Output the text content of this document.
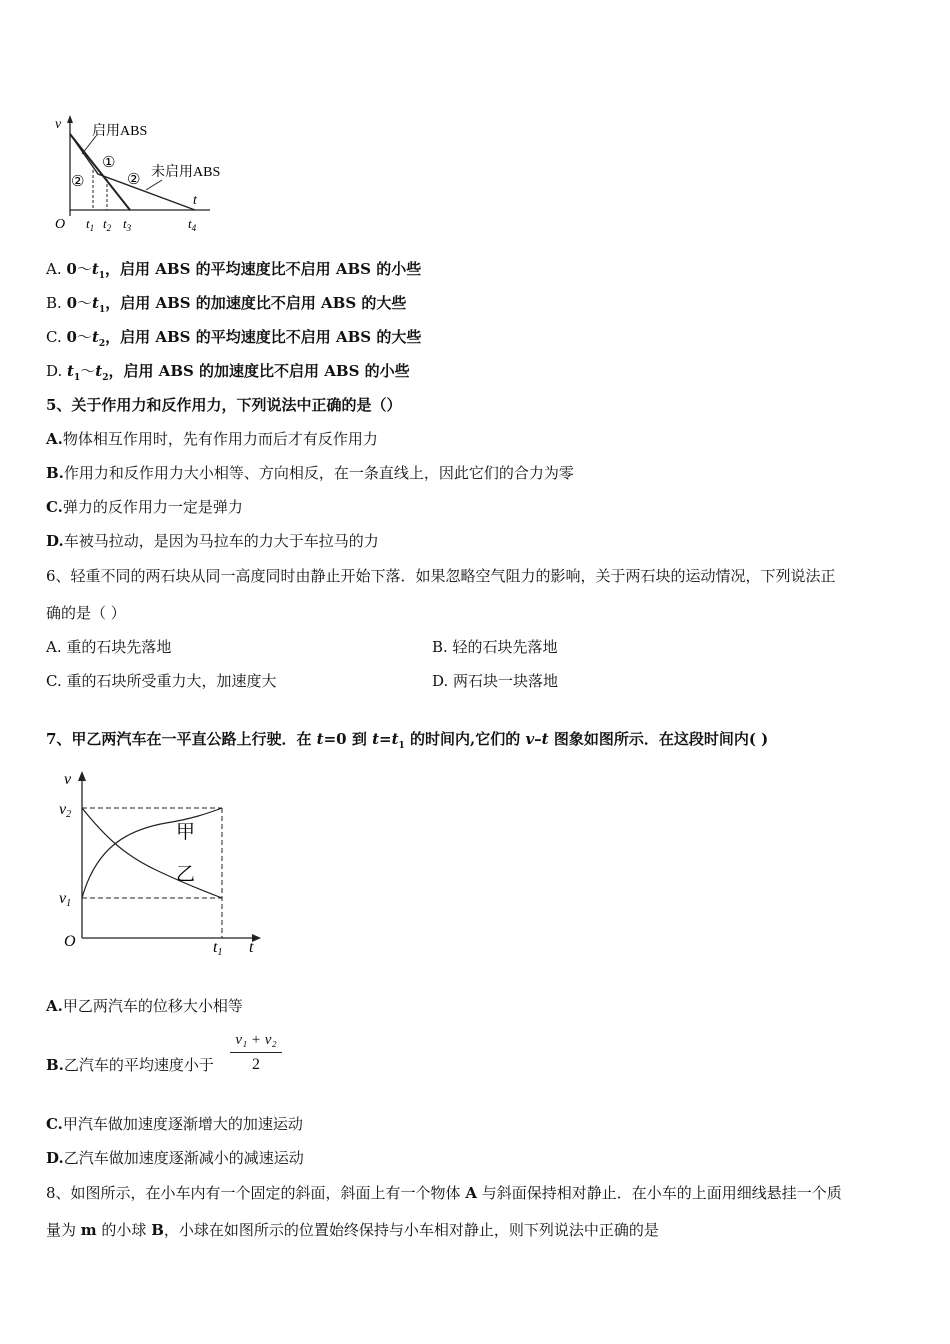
v 启用ABS
①
②	② 未启用ABS
t
O $t_1$ $t_2$ $t_3$	$t_4$
A. $0\sim t_1$，启用 ABS 的平均速度比不启用 ABS 的小些
B. $0\sim t_1$，启用 ABS 的加速度比不启用 ABS 的大些
C. $0\sim t_2$，启用 ABS 的平均速度比不启用 ABS 的大些
D. $t_1\sim t_2$，启用 ABS 的加速度比不启用 ABS 的小些
5、关于作用力和反作用力，下列说法中正确的是（）
A.物体相互作用时，先有作用力而后才有反作用力
B.作用力和反作用力大小相等、方向相反，在一条直线上，因此它们的合力为零
C.弹力的反作用力一定是弹力
D.车被马拉动，是因为马拉车的力大于车拉马的力
6、轻重不同的两石块从同一高度同时由静止开始下落．如果忽略空气阻力的影响，关于两石块的运动情况，下列说法正
确的是（ ）
A. 重的石块先落地	B. 轻的石块先落地
C. 重的石块所受重力大，加速度大	D. 两石块一块落地
7、甲乙两汽车在一平直公路上行驶．在 t=0 到 $t=t_1$ 的时间内,它们的 v–t 图象如图所示．在这段时间内( )
v
v2
v1
O	t1 t
甲
乙
A.甲乙两汽车的位移大小相等
B.乙汽车的平均速度小于
v₁ + v₂
2
C.甲汽车做加速度逐渐增大的加速运动
D.乙汽车做加速度逐渐减小的减速运动
8、如图所示，在小车内有一个固定的斜面，斜面上有一个物体 A 与斜面保持相对静止．在小车的上面用细线悬挂一个质
量为 m 的小球 B，小球在如图所示的位置始终保持与小车相对静止，则下列说法中正确的是
